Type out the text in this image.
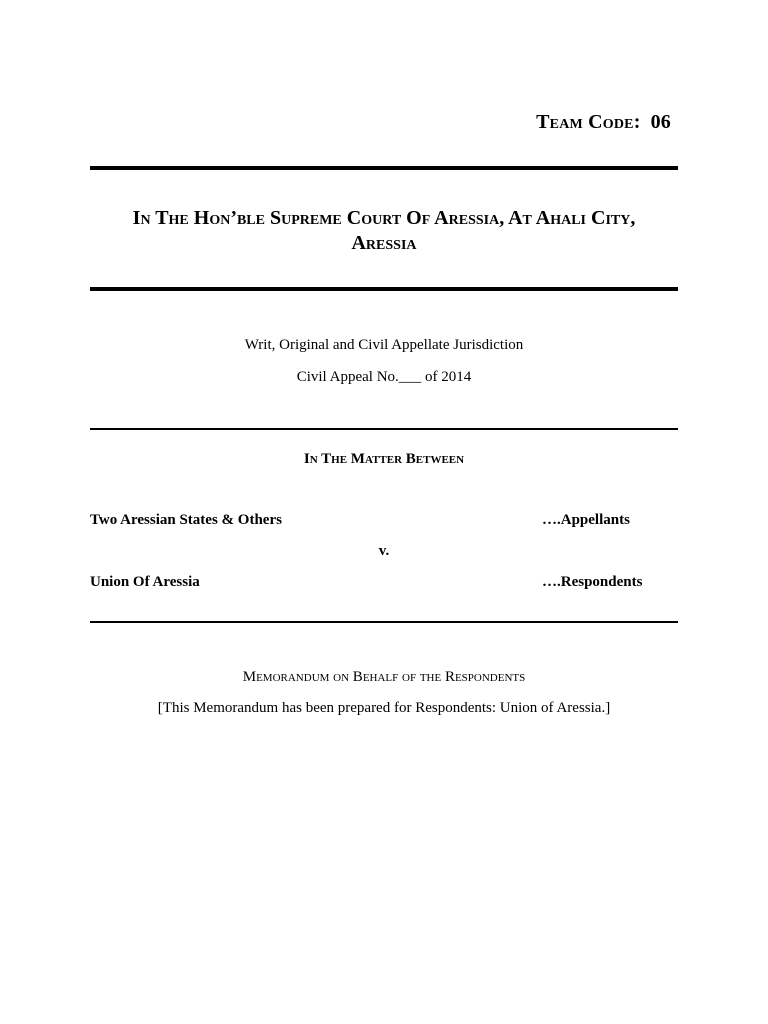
Team Code: 06
In The Hon’ble Supreme Court Of Aressia, At Ahali City,
Aressia
Writ, Original and Civil Appellate Jurisdiction
Civil Appeal No.___ of 2014
In The Matter Between
Two Aressian States & Others	….Appellants
v.
Union Of Aressia	….Respondents
Memorandum on Behalf of the Respondents
[This Memorandum has been prepared for Respondents: Union of Aressia.]
